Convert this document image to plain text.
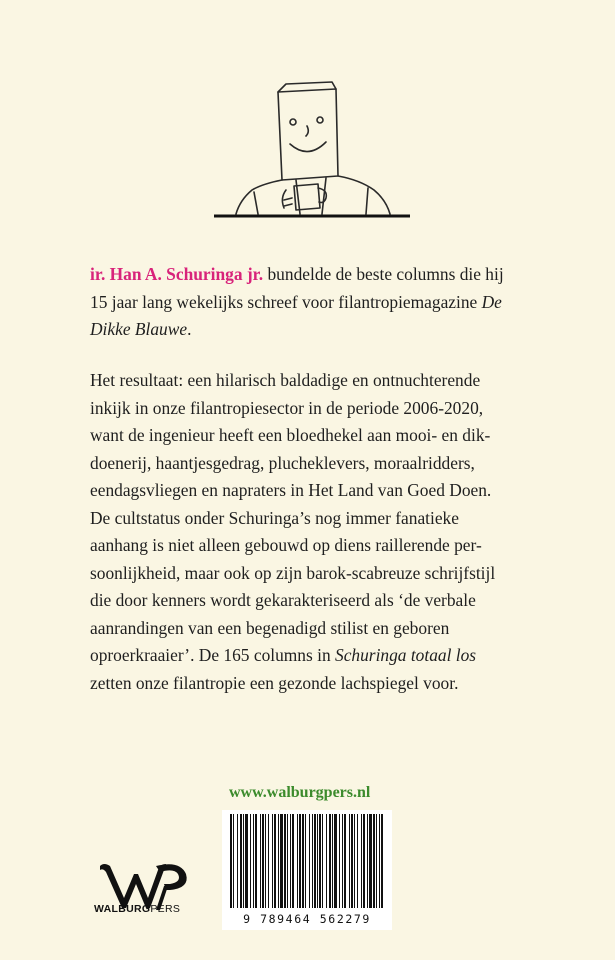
ir. Han A. Schuringa jr. bundelde de beste columns die hij
15 jaar lang wekelijks schreef voor filantropiemagazine De
Dikke Blauwe.
Het resultaat: een hilarisch baldadige en ontnuchterende
inkijk in onze filantropiesector in de periode 2006-2020,
want de ingenieur heeft een bloedhekel aan mooi- en dik-
doenerij, haantjesgedrag, plucheklevers, moraalridders,
eendagsvliegen en napraters in Het Land van Goed Doen.
De cultstatus onder Schuringa’s nog immer fanatieke
aanhang is niet alleen gebouwd op diens raillerende per-
soonlijkheid, maar ook op zijn barok-scabreuze schrijfstijl
die door kenners wordt gekarakteriseerd als ‘de verbale
aanrandingen van een begenadigd stilist en geboren
oproerkraaier’. De 165 columns in Schuringa totaal los
zetten onze filantropie een gezonde lachspiegel voor.
www.walburgpers.nl
9 789464 562279
WALBURGPERS
